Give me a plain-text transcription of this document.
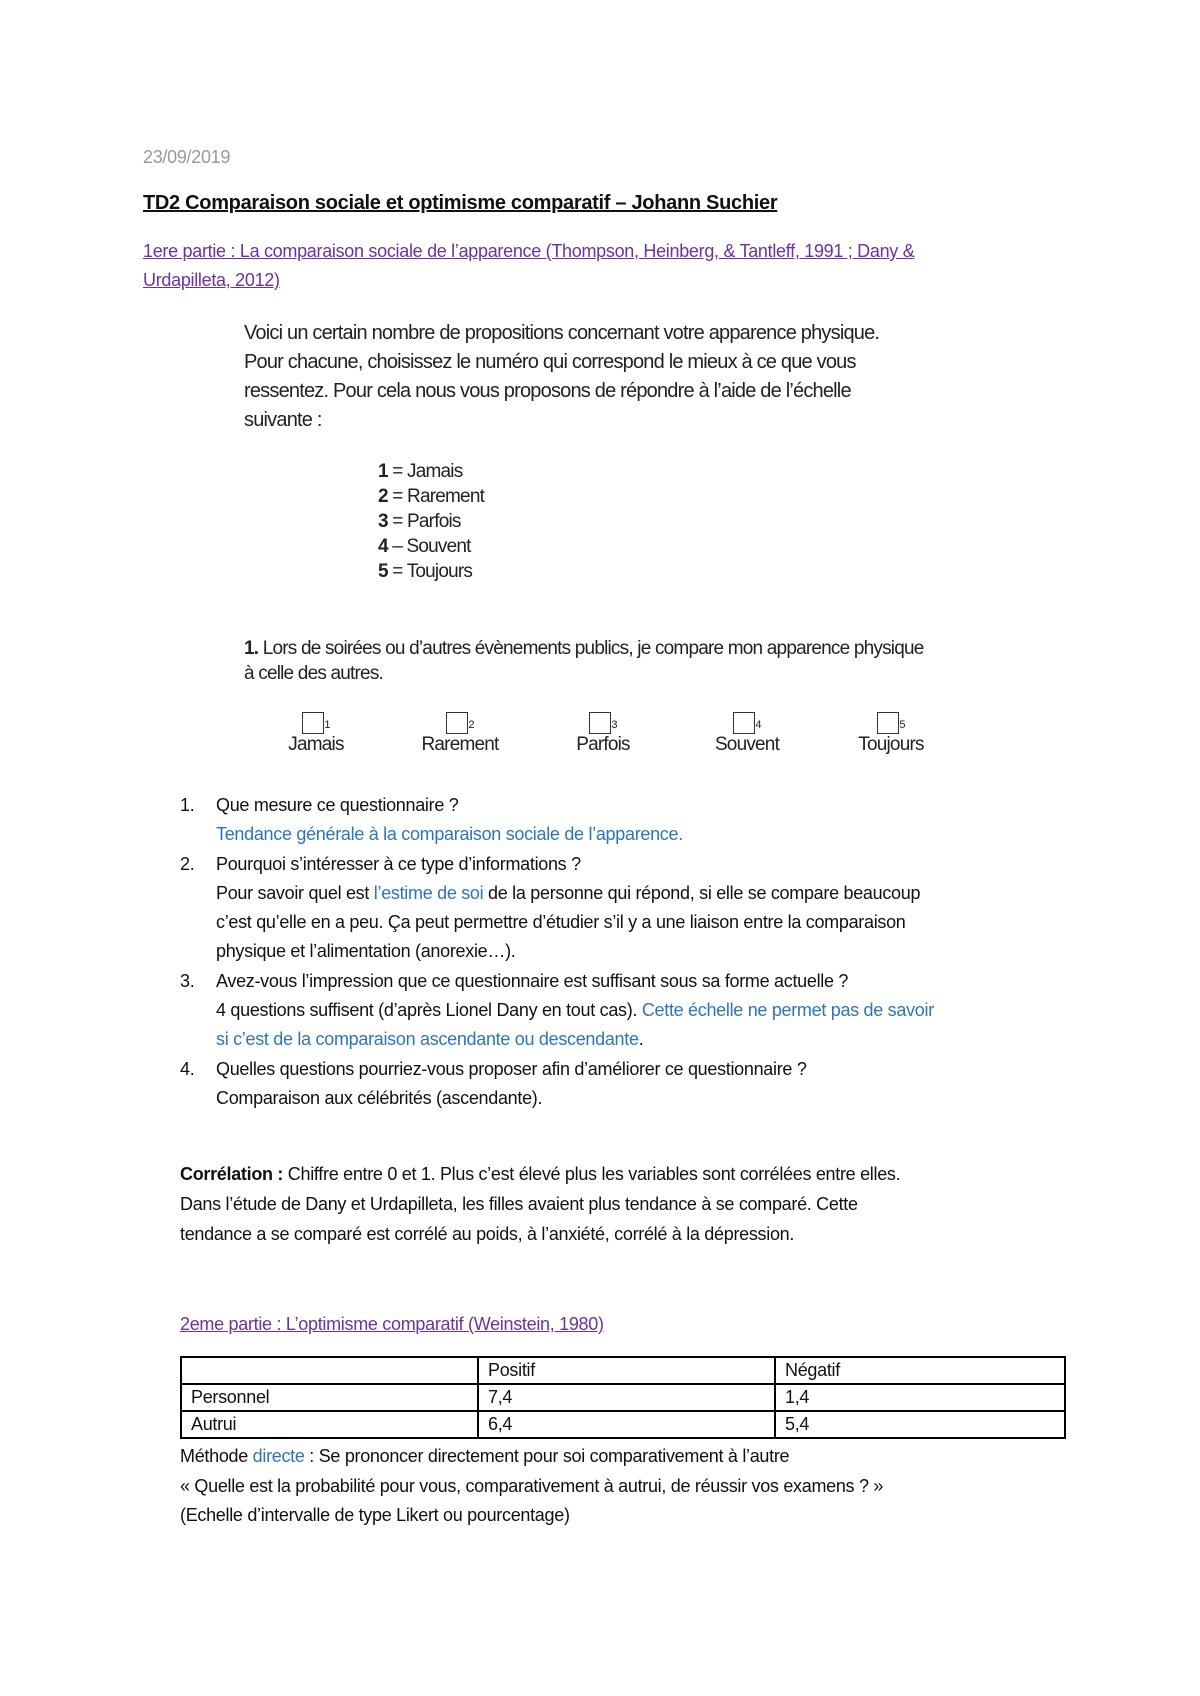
23/09/2019
TD2 Comparaison sociale et optimisme comparatif – Johann Suchier
1ere partie : La comparaison sociale de l’apparence (Thompson, Heinberg, & Tantleff, 1991 ; Dany &
Urdapilleta, 2012)
Voici un certain nombre de propositions concernant votre apparence physique.
Pour chacune, choisissez le numéro qui correspond le mieux à ce que vous
ressentez. Pour cela nous vous proposons de répondre à l’aide de l’échelle
suivante :
1 = Jamais
2 = Rarement
3 = Parfois
4 – Souvent
5 = Toujours
1. Lors de soirées ou d’autres évènements publics, je compare mon apparence physique
à celle des autres.
1
Jamais
2
Rarement
3
Parfois
4
Souvent
5
Toujours
1. Que mesure ce questionnaire ?
Tendance générale à la comparaison sociale de l’apparence.
2. Pourquoi s’intéresser à ce type d’informations ?
Pour savoir quel est l’estime de soi de la personne qui répond, si elle se compare beaucoup
c’est qu’elle en a peu. Ça peut permettre d’étudier s’il y a une liaison entre la comparaison
physique et l’alimentation (anorexie…).
3. Avez-vous l’impression que ce questionnaire est suffisant sous sa forme actuelle ?
4 questions suffisent (d’après Lionel Dany en tout cas). Cette échelle ne permet pas de savoir
si c’est de la comparaison ascendante ou descendante.
4. Quelles questions pourriez-vous proposer afin d’améliorer ce questionnaire ?
Comparaison aux célébrités (ascendante).
Corrélation : Chiffre entre 0 et 1. Plus c’est élevé plus les variables sont corrélées entre elles.
Dans l’étude de Dany et Urdapilleta, les filles avaient plus tendance à se comparé. Cette
tendance a se comparé est corrélé au poids, à l’anxiété, corrélé à la dépression.
2eme partie : L’optimisme comparatif (Weinstein, 1980)
	Positif	Négatif
Personnel	7,4	1,4
Autrui	6,4	5,4
Méthode directe : Se prononcer directement pour soi comparativement à l’autre
« Quelle est la probabilité pour vous, comparativement à autrui, de réussir vos examens ? »
(Echelle d’intervalle de type Likert ou pourcentage)
